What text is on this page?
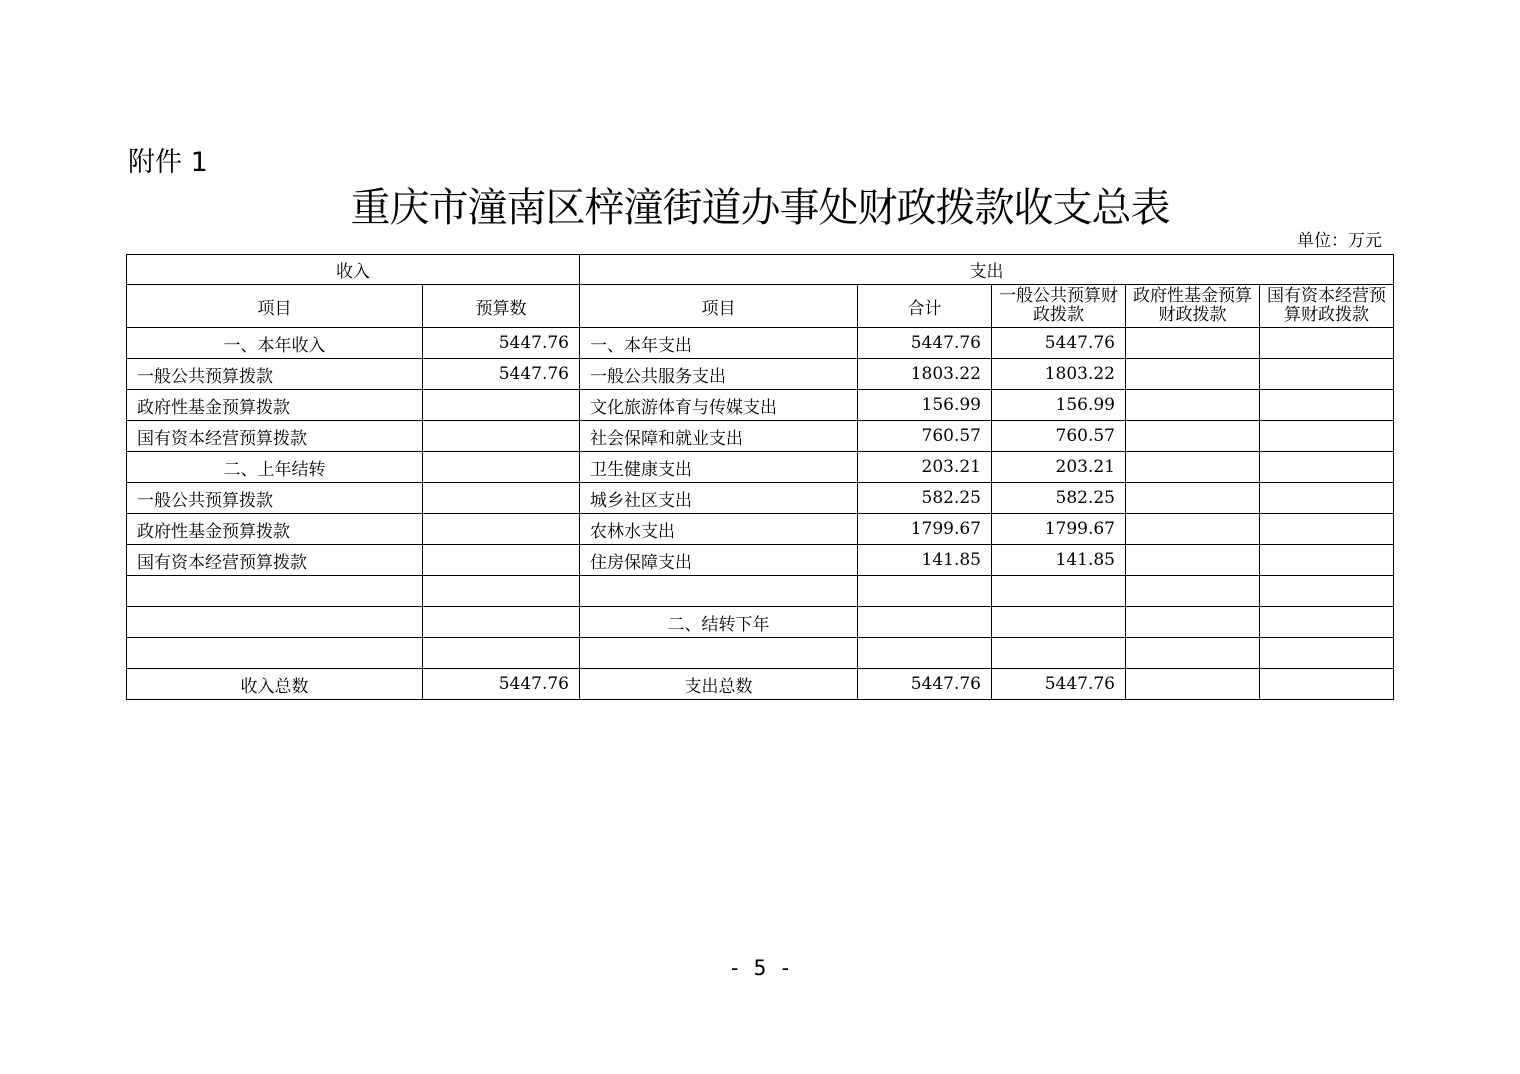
附件 1
重庆市潼南区梓潼街道办事处财政拨款收支总表
单位：万元
收入		支出				
项目	预算数	项目	合计	一般公共预算财政拨款	政府性基金预算财政拨款	国有资本经营预算财政拨款
一、本年收入	5447.76	一、本年支出	5447.76	5447.76		
一般公共预算拨款	5447.76	一般公共服务支出	1803.22	1803.22		
政府性基金预算拨款		文化旅游体育与传媒支出	156.99	156.99		
国有资本经营预算拨款		社会保障和就业支出	760.57	760.57		
二、上年结转		卫生健康支出	203.21	203.21		
一般公共预算拨款		城乡社区支出	582.25	582.25		
政府性基金预算拨款		农林水支出	1799.67	1799.67		
国有资本经营预算拨款		住房保障支出	141.85	141.85		

		二、结转下年				

收入总数	5447.76	支出总数	5447.76	5447.76		
- 5 -
